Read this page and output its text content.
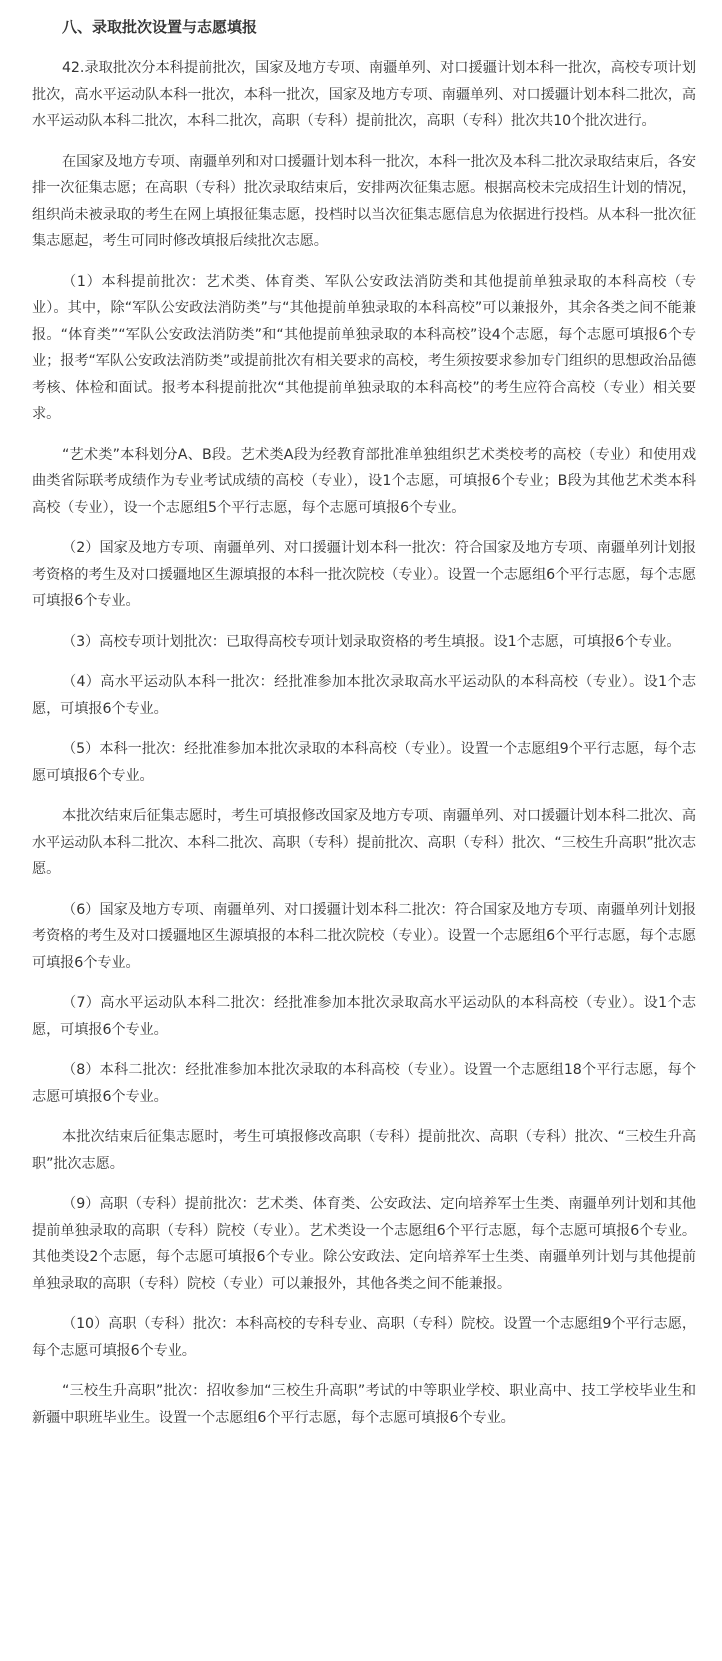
八、录取批次设置与志愿填报

42.录取批次分本科提前批次，国家及地方专项、南疆单列、对口援疆计划本科一批次，高校专项计划批次，高水平运动队本科一批次，本科一批次，国家及地方专项、南疆单列、对口援疆计划本科二批次，高水平运动队本科二批次，本科二批次，高职（专科）提前批次，高职（专科）批次共10个批次进行。

在国家及地方专项、南疆单列和对口援疆计划本科一批次，本科一批次及本科二批次录取结束后，各安排一次征集志愿；在高职（专科）批次录取结束后，安排两次征集志愿。根据高校未完成招生计划的情况，组织尚未被录取的考生在网上填报征集志愿，投档时以当次征集志愿信息为依据进行投档。从本科一批次征集志愿起，考生可同时修改填报后续批次志愿。

（1）本科提前批次：艺术类、体育类、军队公安政法消防类和其他提前单独录取的本科高校（专业）。其中，除“军队公安政法消防类”与“其他提前单独录取的本科高校”可以兼报外，其余各类之间不能兼报。“体育类”“军队公安政法消防类”和“其他提前单独录取的本科高校”设4个志愿，每个志愿可填报6个专业；报考“军队公安政法消防类”或提前批次有相关要求的高校，考生须按要求参加专门组织的思想政治品德考核、体检和面试。报考本科提前批次“其他提前单独录取的本科高校”的考生应符合高校（专业）相关要求。

“艺术类”本科划分A、B段。艺术类A段为经教育部批准单独组织艺术类校考的高校（专业）和使用戏曲类省际联考成绩作为专业考试成绩的高校（专业），设1个志愿，可填报6个专业；B段为其他艺术类本科高校（专业），设一个志愿组5个平行志愿，每个志愿可填报6个专业。

（2）国家及地方专项、南疆单列、对口援疆计划本科一批次：符合国家及地方专项、南疆单列计划报考资格的考生及对口援疆地区生源填报的本科一批次院校（专业）。设置一个志愿组6个平行志愿，每个志愿可填报6个专业。

（3）高校专项计划批次：已取得高校专项计划录取资格的考生填报。设1个志愿，可填报6个专业。

（4）高水平运动队本科一批次：经批准参加本批次录取高水平运动队的本科高校（专业）。设1个志愿，可填报6个专业。

（5）本科一批次：经批准参加本批次录取的本科高校（专业）。设置一个志愿组9个平行志愿，每个志愿可填报6个专业。

本批次结束后征集志愿时，考生可填报修改国家及地方专项、南疆单列、对口援疆计划本科二批次、高水平运动队本科二批次、本科二批次、高职（专科）提前批次、高职（专科）批次、“三校生升高职”批次志愿。

（6）国家及地方专项、南疆单列、对口援疆计划本科二批次：符合国家及地方专项、南疆单列计划报考资格的考生及对口援疆地区生源填报的本科二批次院校（专业）。设置一个志愿组6个平行志愿，每个志愿可填报6个专业。

（7）高水平运动队本科二批次：经批准参加本批次录取高水平运动队的本科高校（专业）。设1个志愿，可填报6个专业。

（8）本科二批次：经批准参加本批次录取的本科高校（专业）。设置一个志愿组18个平行志愿，每个志愿可填报6个专业。

本批次结束后征集志愿时，考生可填报修改高职（专科）提前批次、高职（专科）批次、“三校生升高职”批次志愿。

（9）高职（专科）提前批次：艺术类、体育类、公安政法、定向培养军士生类、南疆单列计划和其他提前单独录取的高职（专科）院校（专业）。艺术类设一个志愿组6个平行志愿，每个志愿可填报6个专业。其他类设2个志愿，每个志愿可填报6个专业。除公安政法、定向培养军士生类、南疆单列计划与其他提前单独录取的高职（专科）院校（专业）可以兼报外，其他各类之间不能兼报。

（10）高职（专科）批次：本科高校的专科专业、高职（专科）院校。设置一个志愿组9个平行志愿，每个志愿可填报6个专业。

“三校生升高职”批次：招收参加“三校生升高职”考试的中等职业学校、职业高中、技工学校毕业生和新疆中职班毕业生。设置一个志愿组6个平行志愿，每个志愿可填报6个专业。
